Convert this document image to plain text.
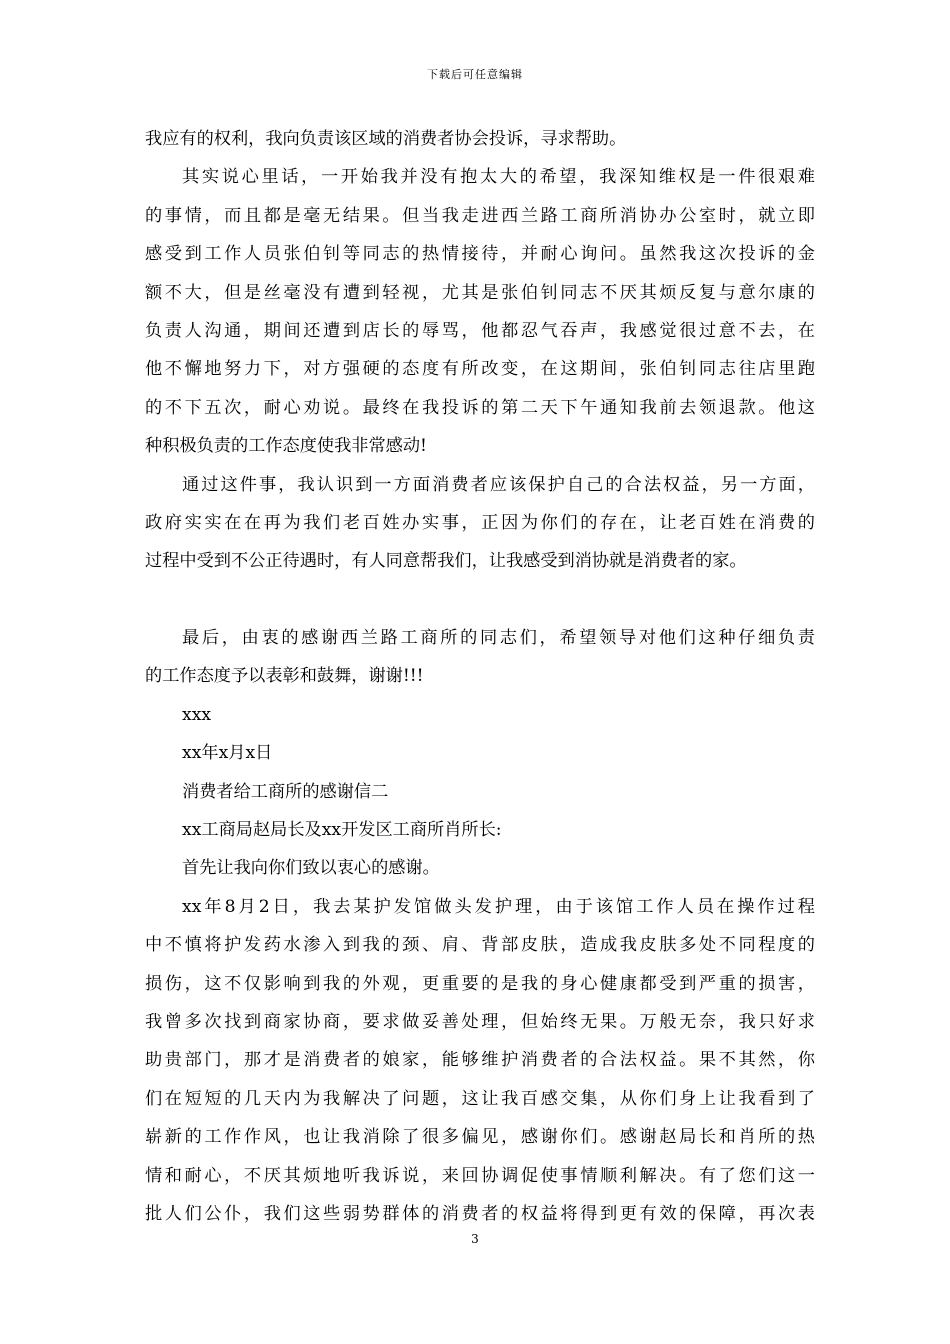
下载后可任意编辑
我应有的权利，我向负责该区域的消费者协会投诉，寻求帮助。
其实说心里话，一开始我并没有抱太大的希望，我深知维权是一件很艰难
的事情，而且都是毫无结果。但当我走进西兰路工商所消协办公室时，就立即
感受到工作人员张伯钊等同志的热情接待，并耐心询问。虽然我这次投诉的金
额不大，但是丝毫没有遭到轻视，尤其是张伯钊同志不厌其烦反复与意尔康的
负责人沟通，期间还遭到店长的辱骂，他都忍气吞声，我感觉很过意不去，在
他不懈地努力下，对方强硬的态度有所改变，在这期间，张伯钊同志往店里跑
的不下五次，耐心劝说。最终在我投诉的第二天下午通知我前去领退款。他这
种积极负责的工作态度使我非常感动!
通过这件事，我认识到一方面消费者应该保护自己的合法权益，另一方面，
政府实实在在再为我们老百姓办实事，正因为你们的存在，让老百姓在消费的
过程中受到不公正待遇时，有人同意帮我们，让我感受到消协就是消费者的家。
最后，由衷的感谢西兰路工商所的同志们，希望领导对他们这种仔细负责
的工作态度予以表彰和鼓舞，谢谢!!!
xxx
xx年x月x日
消费者给工商所的感谢信二
xx工商局赵局长及xx开发区工商所肖所长:
首先让我向你们致以衷心的感谢。
xx年8月2日，我去某护发馆做头发护理，由于该馆工作人员在操作过程
中不慎将护发药水渗入到我的颈、肩、背部皮肤，造成我皮肤多处不同程度的
损伤，这不仅影响到我的外观，更重要的是我的身心健康都受到严重的损害，
我曾多次找到商家协商，要求做妥善处理，但始终无果。万般无奈，我只好求
助贵部门，那才是消费者的娘家，能够维护消费者的合法权益。果不其然，你
们在短短的几天内为我解决了问题，这让我百感交集，从你们身上让我看到了
崭新的工作作风，也让我消除了很多偏见，感谢你们。感谢赵局长和肖所的热
情和耐心，不厌其烦地听我诉说，来回协调促使事情顺利解决。有了您们这一
批人们公仆，我们这些弱势群体的消费者的权益将得到更有效的保障，再次表
3
